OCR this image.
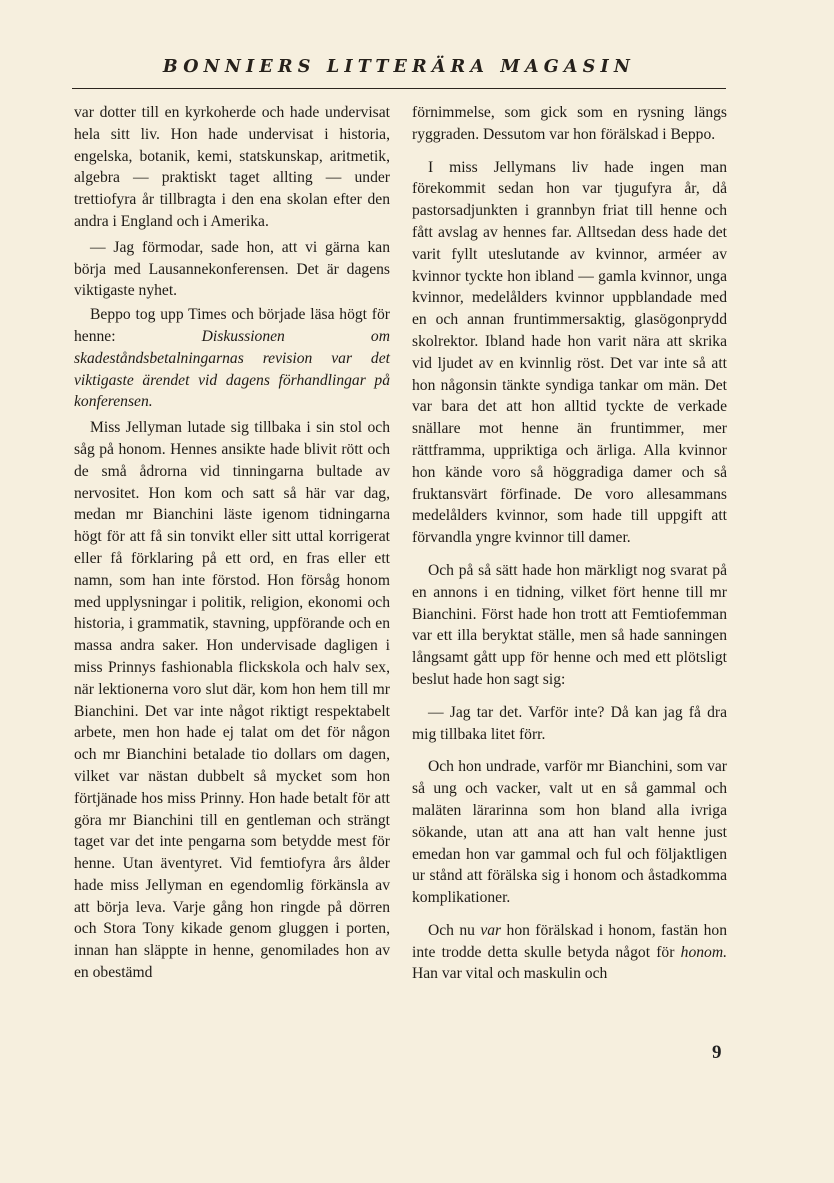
BONNIERS LITTERÄRA MAGASIN

var dotter till en kyrkoherde och hade undervisat hela sitt liv. Hon hade undervisat i historia, engelska, botanik, kemi, statskunskap, aritmetik, algebra — praktiskt taget allting — under trettiofyra år tillbragta i den ena skolan efter den andra i England och i Amerika.

— Jag förmodar, sade hon, att vi gärna kan börja med Lausannekonferensen. Det är dagens viktigaste nyhet.

Beppo tog upp Times och började läsa högt för henne: Diskussionen om skadeståndsbetalningarnas revision var det viktigaste ärendet vid dagens förhandlingar på konferensen.

Miss Jellyman lutade sig tillbaka i sin stol och såg på honom. Hennes ansikte hade blivit rött och de små ådrorna vid tinningarna bultade av nervositet. Hon kom och satt så här var dag, medan mr Bianchini läste igenom tidningarna högt för att få sin tonvikt eller sitt uttal korrigerat eller få förklaring på ett ord, en fras eller ett namn, som han inte förstod. Hon försåg honom med upplysningar i politik, religion, ekonomi och historia, i grammatik, stavning, uppförande och en massa andra saker. Hon undervisade dagligen i miss Prinnys fashionabla flickskola och halv sex, när lektionerna voro slut där, kom hon hem till mr Bianchini. Det var inte något riktigt respektabelt arbete, men hon hade ej talat om det för någon och mr Bianchini betalade tio dollars om dagen, vilket var nästan dubbelt så mycket som hon förtjänade hos miss Prinny. Hon hade betalt för att göra mr Bianchini till en gentleman och strängt taget var det inte pengarna som betydde mest för henne. Utan äventyret. Vid femtiofyra års ålder hade miss Jellyman en egendomlig förkänsla av att börja leva. Varje gång hon ringde på dörren och Stora Tony kikade genom gluggen i porten, innan han släppte in henne, genomilades hon av en obestämd

förnimmelse, som gick som en rysning längs ryggraden. Dessutom var hon förälskad i Beppo.

I miss Jellymans liv hade ingen man förekommit sedan hon var tjugufyra år, då pastorsadjunkten i grannbyn friat till henne och fått avslag av hennes far. Alltsedan dess hade det varit fyllt uteslutande av kvinnor, arméer av kvinnor tyckte hon ibland — gamla kvinnor, unga kvinnor, medelålders kvinnor uppblandade med en och annan fruntimmersaktig, glasögonprydd skolrektor. Ibland hade hon varit nära att skrika vid ljudet av en kvinnlig röst. Det var inte så att hon någonsin tänkte syndiga tankar om män. Det var bara det att hon alltid tyckte de verkade snällare mot henne än fruntimmer, mer rättframma, uppriktiga och ärliga. Alla kvinnor hon kände voro så höggradiga damer och så fruktansvärt förfinade. De voro allesammans medelålders kvinnor, som hade till uppgift att förvandla yngre kvinnor till damer.

Och på så sätt hade hon märkligt nog svarat på en annons i en tidning, vilket fört henne till mr Bianchini. Först hade hon trott att Femtiofemman var ett illa beryktat ställe, men så hade sanningen långsamt gått upp för henne och med ett plötsligt beslut hade hon sagt sig:

— Jag tar det. Varför inte? Då kan jag få dra mig tillbaka litet förr.

Och hon undrade, varför mr Bianchini, som var så ung och vacker, valt ut en så gammal och maläten lärarinna som hon bland alla ivriga sökande, utan att ana att han valt henne just emedan hon var gammal och ful och följaktligen ur stånd att förälska sig i honom och åstadkomma komplikationer.

Och nu var hon förälskad i honom, fastän hon inte trodde detta skulle betyda något för honom. Han var vital och maskulin och

9
